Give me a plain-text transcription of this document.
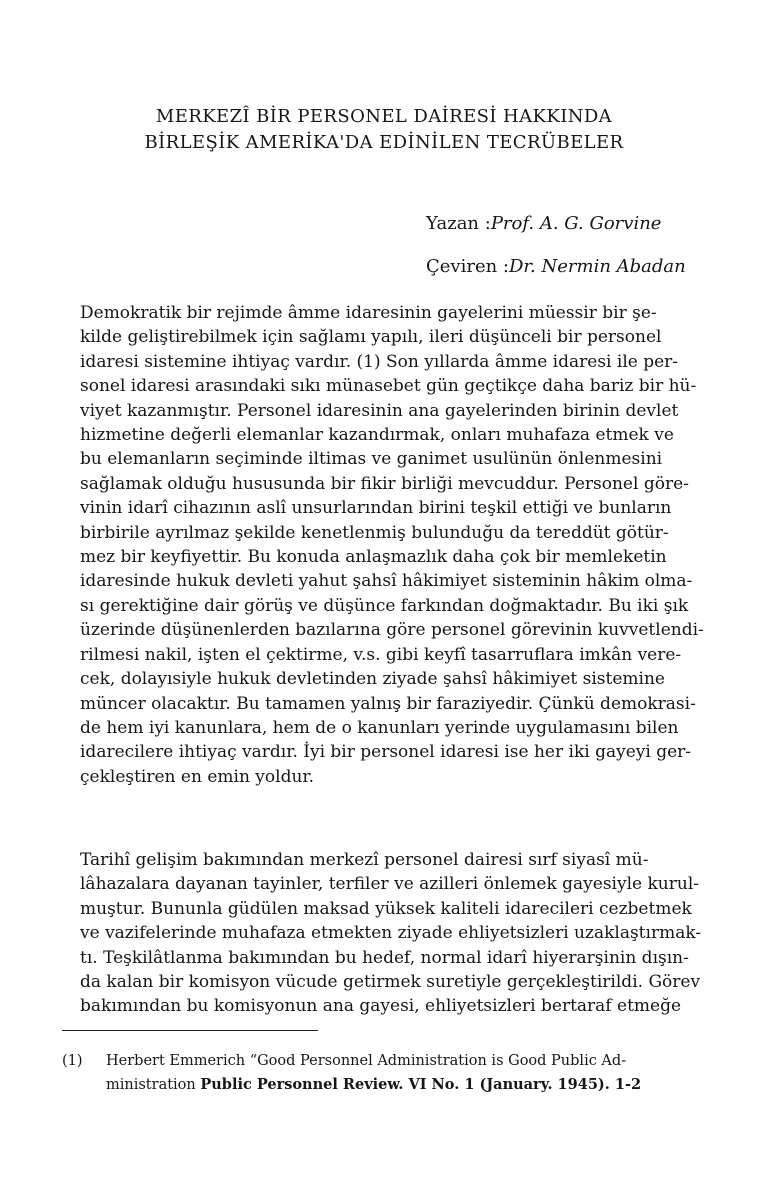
MERKEZÎ BİR PERSONEL DAİRESİ HAKKINDA
BİRLEŞİK AMERİKA'DA EDİNİLEN TECRÜBELER
Yazan :Prof. A. G. Gorvine
Çeviren :Dr. Nermin Abadan

Demokratik bir rejimde âmme idaresinin gayelerini müessir bir şe-
kilde geliştirebilmek için sağlamı yapılı, ileri düşünceli bir personel
idaresi sistemine ihtiyaç vardır. (1) Son yıllarda âmme idaresi ile per-
sonel idaresi arasındaki sıkı münasebet gün geçtikçe daha bariz bir hü-
viyet kazanmıştır. Personel idaresinin ana gayelerinden birinin devlet
hizmetine değerli elemanlar kazandırmak, onları muhafaza etmek ve
bu elemanların seçiminde iltimas ve ganimet usulünün önlenmesini
sağlamak olduğu hususunda bir fikir birliği mevcuddur. Personel göre-
vinin idarî cihazının aslî unsurlarından birini teşkil ettiği ve bunların
birbirile ayrılmaz şekilde kenetlenmiş bulunduğu da tereddüt götür-
mez bir keyfiyettir. Bu konuda anlaşmazlık daha çok bir memleketin
idaresinde hukuk devleti yahut şahsî hâkimiyet sisteminin hâkim olma-
sı gerektiğine dair görüş ve düşünce farkından doğmaktadır. Bu iki şık
üzerinde düşünenlerden bazılarına göre personel görevinin kuvvetlendi-
rilmesi nakil, işten el çektirme, v.s. gibi keyfî tasarruflara imkân vere-
cek, dolayısiyle hukuk devletinden ziyade şahsî hâkimiyet sistemine
müncer olacaktır. Bu tamamen yalnış bir faraziyedir. Çünkü demokrasi-
de hem iyi kanunlara, hem de o kanunları yerinde uygulamasını bilen
idarecilere ihtiyaç vardır. İyi bir personel idaresi ise her iki gayeyi ger-
çekleştiren en emin yoldur.

Tarihî gelişim bakımından merkezî personel dairesi sırf siyasî mü-
lâhazalara dayanan tayinler, terfiler ve azilleri önlemek gayesiyle kurul-
muştur. Bununla güdülen maksad yüksek kaliteli idarecileri cezbetmek
ve vazifelerinde muhafaza etmekten ziyade ehliyetsizleri uzaklaştırmak-
tı. Teşkilâtlanma bakımından bu hedef, normal idarî hiyerarşinin dışın-
da kalan bir komisyon vücude getirmek suretiyle gerçekleştirildi. Görev
bakımından bu komisyonun ana gayesi, ehliyetsizleri bertaraf etmeğe

(1) Herbert Emmerich “Good Personnel Administration is Good Public Ad-
ministration Public Personnel Review. VI No. 1 (January. 1945). 1-2
